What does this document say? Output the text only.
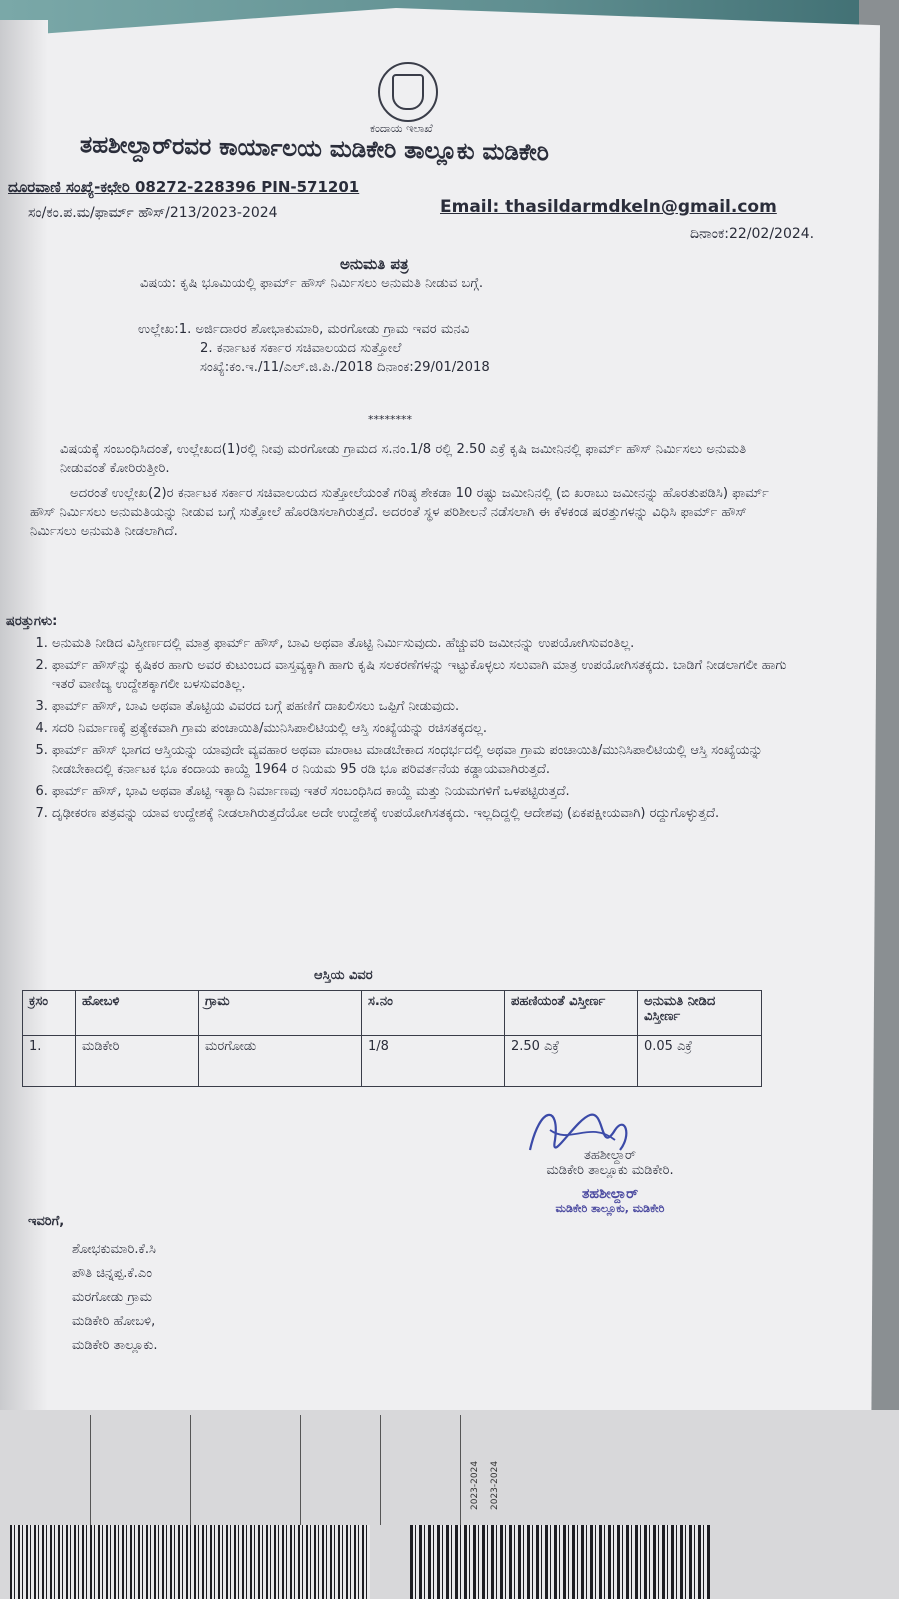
ಕಂದಾಯ ಇಲಾಖೆ
ತಹಶೀಲ್ದಾರ್‌ರವರ ಕಾರ್ಯಾಲಯ ಮಡಿಕೇರಿ ತಾಲ್ಲೂಕು ಮಡಿಕೇರಿ
ದೂರವಾಣಿ ಸಂಖ್ಯೆ-ಕಛೇರಿ 08272-228396 PIN-571201
Email: thasildarmdkeln@gmail.com
ಸಂ/ಕಂ.ಪ.ಮ/ಫಾರ್ಮ್ ಹೌಸ್/213/2023-2024
ದಿನಾಂಕ:22/02/2024.
ಅನುಮತಿ ಪತ್ರ
ವಿಷಯ: ಕೃಷಿ ಭೂಮಿಯಲ್ಲಿ ಫಾರ್ಮ್ ಹೌಸ್ ನಿರ್ಮಿಸಲು ಅನುಮತಿ ನೀಡುವ ಬಗ್ಗೆ.
ಉಲ್ಲೇಖ:1. ಅರ್ಜಿದಾರರ ಶೋಭಾಕುಮಾರಿ, ಮರಗೋಡು ಗ್ರಾಮ ಇವರ ಮನವಿ
2. ಕರ್ನಾಟಕ ಸರ್ಕಾರ ಸಚಿವಾಲಯದ ಸುತ್ತೋಲೆ
ಸಂಖ್ಯೆ:ಕಂ.ಇ./11/ಎಲ್.ಜಿ.ಪಿ./2018 ದಿನಾಂಕ:29/01/2018
********
ವಿಷಯಕ್ಕೆ ಸಂಬಂಧಿಸಿದಂತೆ, ಉಲ್ಲೇಖದ(1)ರಲ್ಲಿ ನೀವು ಮರಗೋಡು ಗ್ರಾಮದ ಸ.ನಂ.1/8 ರಲ್ಲಿ 2.50 ಎಕ್ರೆ ಕೃಷಿ ಜಮೀನಿನಲ್ಲಿ ಫಾರ್ಮ್ ಹೌಸ್ ನಿರ್ಮಿಸಲು ಅನುಮತಿ ನೀಡುವಂತೆ ಕೋರಿರುತ್ತೀರಿ.
ಅದರಂತೆ ಉಲ್ಲೇಖ(2)ರ ಕರ್ನಾಟಕ ಸರ್ಕಾರ ಸಚಿವಾಲಯದ ಸುತ್ತೋಲೆಯಂತೆ ಗರಿಷ್ಠ ಶೇಕಡಾ 10 ರಷ್ಟು ಜಮೀನಿನಲ್ಲಿ (ಬಿ ಖರಾಬು ಜಮೀನನ್ನು ಹೊರತುಪಡಿಸಿ) ಫಾರ್ಮ್ ಹೌಸ್ ನಿರ್ಮಿಸಲು ಅನುಮತಿಯನ್ನು ನೀಡುವ ಬಗ್ಗೆ ಸುತ್ತೋಲೆ ಹೊರಡಿಸಲಾಗಿರುತ್ತದೆ. ಅದರಂತೆ ಸ್ಥಳ ಪರಿಶೀಲನೆ ನಡೆಸಲಾಗಿ ಈ ಕೆಳಕಂಡ ಷರತ್ತುಗಳನ್ನು ವಿಧಿಸಿ ಫಾರ್ಮ್ ಹೌಸ್ ನಿರ್ಮಿಸಲು ಅನುಮತಿ ನೀಡಲಾಗಿದೆ.
ಷರತ್ತುಗಳು:
1. ಅನುಮತಿ ನೀಡಿದ ವಿಸ್ತೀರ್ಣದಲ್ಲಿ ಮಾತ್ರ ಫಾರ್ಮ್ ಹೌಸ್, ಬಾವಿ ಅಥವಾ ತೊಟ್ಟಿ ನಿರ್ಮಿಸುವುದು. ಹೆಚ್ಚುವರಿ ಜಮೀನನ್ನು ಉಪಯೋಗಿಸುವಂತಿಲ್ಲ.
2. ಫಾರ್ಮ್ ಹೌಸ್‌ನ್ನು ಕೃಷಿಕರ ಹಾಗು ಅವರ ಕುಟುಂಬದ ವಾಸ್ತವ್ಯಕ್ಕಾಗಿ ಹಾಗು ಕೃಷಿ ಸಲಕರಣೆಗಳನ್ನು ಇಟ್ಟುಕೊಳ್ಳಲು ಸಲುವಾಗಿ ಮಾತ್ರ ಉಪಯೋಗಿಸತಕ್ಕದು. ಬಾಡಿಗೆ ನೀಡಲಾಗಲೀ ಹಾಗು ಇತರೆ ವಾಣಿಜ್ಯ ಉದ್ದೇಶಕ್ಕಾಗಲೀ ಬಳಸುವಂತಿಲ್ಲ.
3. ಫಾರ್ಮ್ ಹೌಸ್, ಬಾವಿ ಅಥವಾ ತೊಟ್ಟಿಯ ವಿವರದ ಬಗ್ಗೆ ಪಹಣಿಗೆ ದಾಖಲಿಸಲು ಒಪ್ಪಿಗೆ ನೀಡುವುದು.
4. ಸದರಿ ನಿರ್ಮಾಣಕ್ಕೆ ಪ್ರತ್ಯೇಕವಾಗಿ ಗ್ರಾಮ ಪಂಚಾಯಿತಿ/ಮುನಿಸಿಪಾಲಿಟಿಯಲ್ಲಿ ಆಸ್ತಿ ಸಂಖ್ಯೆಯನ್ನು ರಚಿಸತಕ್ಕದಲ್ಲ.
5. ಫಾರ್ಮ್ ಹೌಸ್ ಭಾಗದ ಆಸ್ತಿಯನ್ನು ಯಾವುದೇ ವ್ಯವಹಾರ ಅಥವಾ ಮಾರಾಟ ಮಾಡಬೇಕಾದ ಸಂಧರ್ಭದಲ್ಲಿ ಅಥವಾ ಗ್ರಾಮ ಪಂಚಾಯಿತಿ/ಮುನಿಸಿಪಾಲಿಟಿಯಲ್ಲಿ ಆಸ್ತಿ ಸಂಖ್ಯೆಯನ್ನು ನೀಡಬೇಕಾದಲ್ಲಿ ಕರ್ನಾಟಕ ಭೂ ಕಂದಾಯ ಕಾಯ್ದೆ 1964 ರ ನಿಯಮ 95 ರಡಿ ಭೂ ಪರಿವರ್ತನೆಯ ಕಡ್ಡಾಯವಾಗಿರುತ್ತದೆ.
6. ಫಾರ್ಮ್ ಹೌಸ್, ಭಾವಿ ಅಥವಾ ತೊಟ್ಟಿ ಇತ್ಯಾದಿ ನಿರ್ಮಾಣವು ಇತರೆ ಸಂಬಂಧಿಸಿದ ಕಾಯ್ದೆ ಮತ್ತು ನಿಯಮಗಳಿಗೆ ಒಳಪಟ್ಟಿರುತ್ತದೆ.
7. ದೃಢೀಕರಣ ಪತ್ರವನ್ನು ಯಾವ ಉದ್ದೇಶಕ್ಕೆ ನೀಡಲಾಗಿರುತ್ತದೆಯೋ ಅದೇ ಉದ್ದೇಶಕ್ಕೆ ಉಪಯೋಗಿಸತಕ್ಕದು. ಇಲ್ಲದಿದ್ದಲ್ಲಿ ಆದೇಶವು (ಏಕಪಕ್ಷೀಯವಾಗಿ) ರದ್ದುಗೊಳ್ಳುತ್ತದೆ.
ಆಸ್ತಿಯ ವಿವರ
ಕ್ರಸಂ	ಹೋಬಳಿ	ಗ್ರಾಮ	ಸ.ನಂ	ಪಹಣಿಯಂತೆ ವಿಸ್ತೀರ್ಣ	ಅನುಮತಿ ನೀಡಿದ ವಿಸ್ತೀರ್ಣ
1.	ಮಡಿಕೇರಿ	ಮರಗೋಡು	1/8	2.50 ಎಕ್ರೆ	0.05 ಎಕ್ರೆ
ತಹಶೀಲ್ದಾರ್
ಮಡಿಕೇರಿ ತಾಲ್ಲೂಕು ಮಡಿಕೇರಿ.
ತಹಶೀಲ್ದಾರ್
ಮಡಿಕೇರಿ ತಾಲ್ಲೂಕು, ಮಡಿಕೇರಿ
ಇವರಿಗೆ,
ಶೋಭಕುಮಾರಿ.ಕೆ.ಸಿ
ಪೌತಿ ಚಿನ್ನಪ್ಪ.ಕೆ.ಎಂ
ಮರಗೋಡು ಗ್ರಾಮ
ಮಡಿಕೇರಿ ಹೋಬಳಿ,
ಮಡಿಕೇರಿ ತಾಲ್ಲೂಕು.
2023-2024 2023-2024
